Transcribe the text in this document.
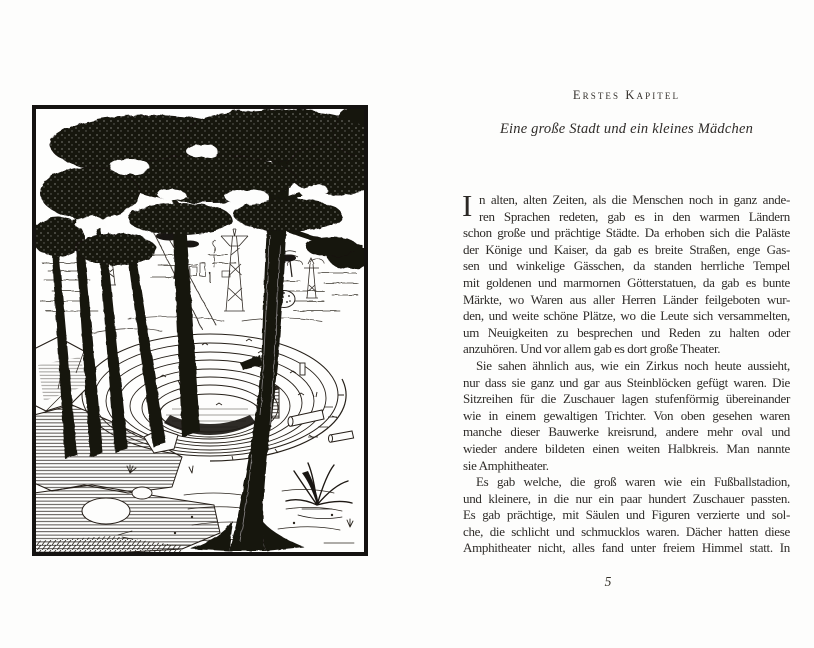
Erstes Kapitel
Eine große Stadt und ein kleines Mädchen
I n alten, alten Zeiten, als die Menschen noch in ganz ande-
ren Sprachen redeten, gab es in den warmen Ländern
schon große und prächtige Städte. Da erhoben sich die Paläste
der Könige und Kaiser, da gab es breite Straßen, enge Gas-
sen und winkelige Gässchen, da standen herrliche Tempel
mit goldenen und marmornen Götterstatuen, da gab es bunte
Märkte, wo Waren aus aller Herren Länder feilgeboten wur-
den, und weite schöne Plätze, wo die Leute sich versammelten,
um Neuigkeiten zu besprechen und Reden zu halten oder
anzuhören. Und vor allem gab es dort große Theater.
Sie sahen ähnlich aus, wie ein Zirkus noch heute aussieht,
nur dass sie ganz und gar aus Steinblöcken gefügt waren. Die
Sitzreihen für die Zuschauer lagen stufenförmig übereinander
wie in einem gewaltigen Trichter. Von oben gesehen waren
manche dieser Bauwerke kreisrund, andere mehr oval und
wieder andere bildeten einen weiten Halbkreis. Man nannte
sie Amphitheater.
Es gab welche, die groß waren wie ein Fußballstadion,
und kleinere, in die nur ein paar hundert Zuschauer passten.
Es gab prächtige, mit Säulen und Figuren verzierte und sol-
che, die schlicht und schmucklos waren. Dächer hatten diese
Amphitheater nicht, alles fand unter freiem Himmel statt. In
5
